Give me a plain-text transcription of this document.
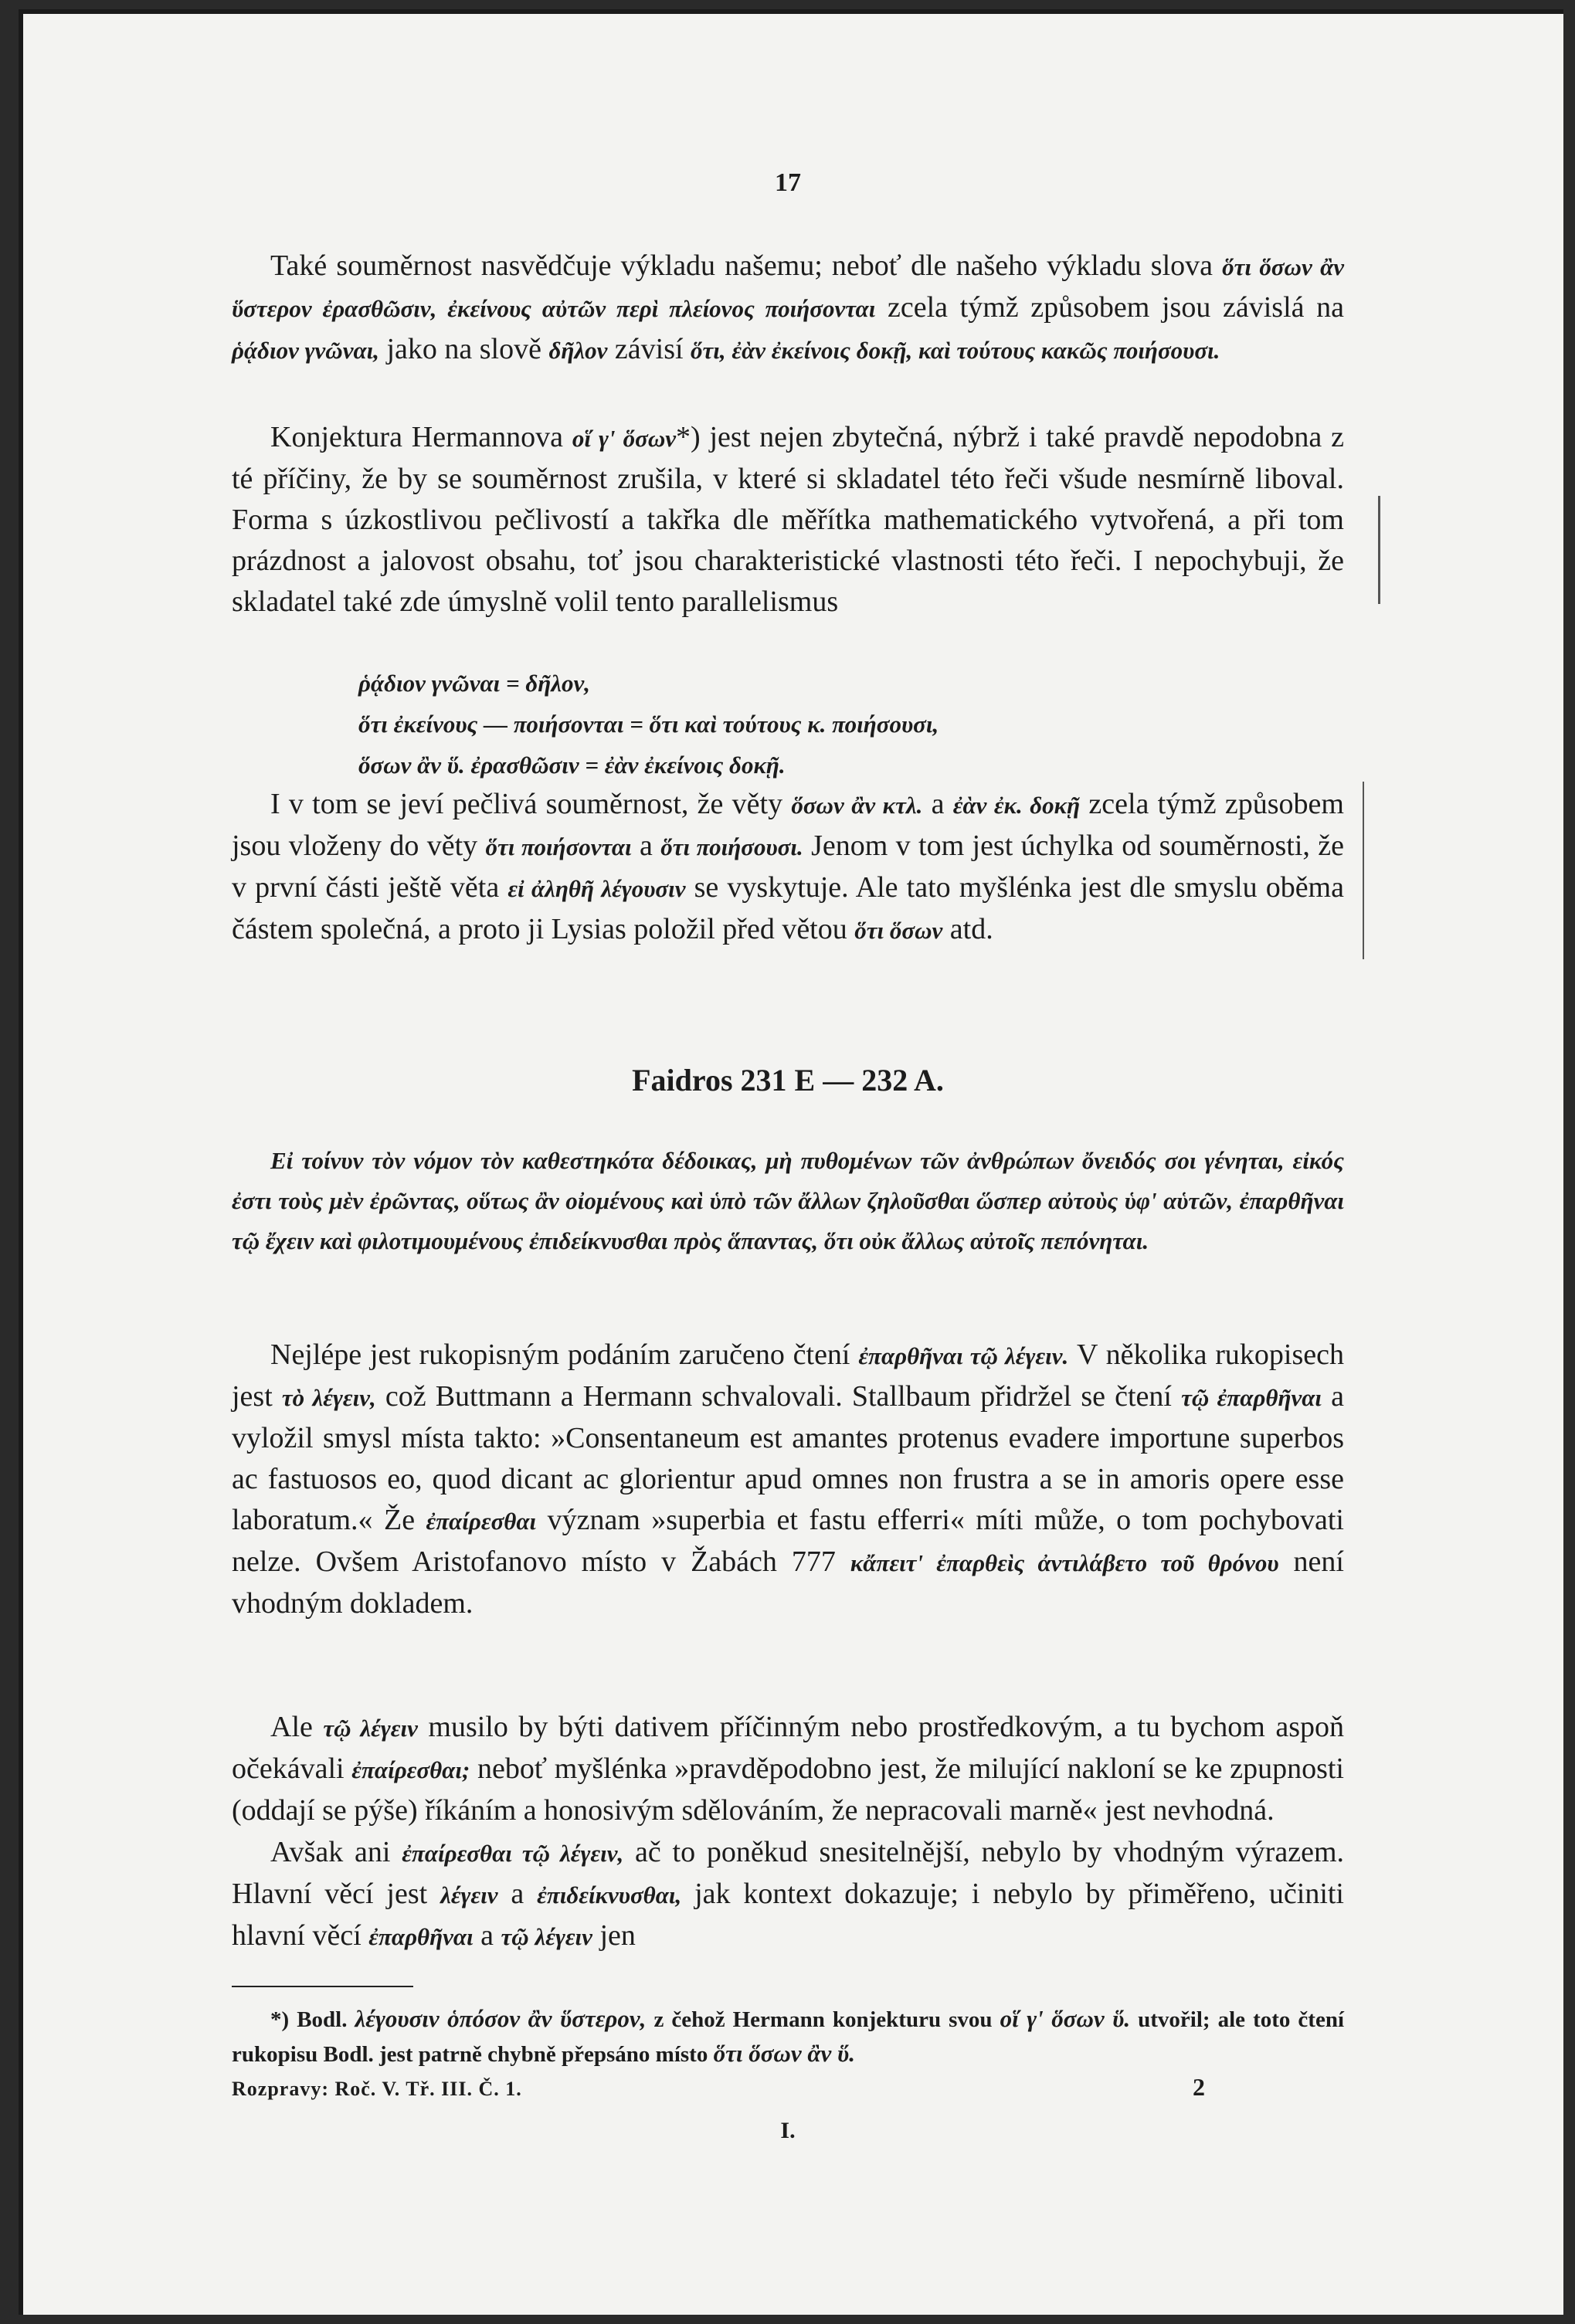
17

Také souměrnost nasvědčuje výkladu našemu; neboť dle našeho výkladu slova ὅτι ὅσων ἂν ὕστερον ἐρασθῶσιν, ἐκείνους αὐτῶν περὶ πλείονος ποιήσονται zcela týmž způsobem jsou závislá na ῥᾴδιον γνῶναι, jako na slově δῆλον závisí ὅτι, ἐὰν ἐκείνοις δοκῇ, καὶ τούτους κακῶς ποιήσουσι.

Konjektura Hermannova οἵ γ' ὅσων*) jest nejen zbytečná, nýbrž i také pravdě nepodobna z té příčiny, že by se souměrnost zrušila, v které si skladatel této řeči všude nesmírně liboval. Forma s úzkostlivou pečlivostí a takřka dle měřítka mathematického vytvořená, a při tom prázdnost a jalovost obsahu, toť jsou charakteristické vlastnosti této řeči. I nepochybuji, že skladatel také zde úmyslně volil tento parallelismus

ῥᾴδιον γνῶναι = δῆλον,
ὅτι ἐκείνους — ποιήσονται = ὅτι καὶ τούτους κ. ποιήσουσι,
ὅσων ἂν ὕ. ἐρασθῶσιν = ἐὰν ἐκείνοις δοκῇ.

I v tom se jeví pečlivá souměrnost, že věty ὅσων ἂν κτλ. a ἐὰν ἐκ. δοκῇ zcela týmž způsobem jsou vloženy do věty ὅτι ποιήσονται a ὅτι ποιήσουσι. Jenom v tom jest úchylka od souměrnosti, že v první části ještě věta εἰ ἀληθῆ λέγουσιν se vyskytuje. Ale tato myšlénka jest dle smyslu oběma částem společná, a proto ji Lysias položil před větou ὅτι ὅσων atd.

Faidros 231 E — 232 A.

Εἰ τοίνυν τὸν νόμον τὸν καθεστηκότα δέδοικας, μὴ πυθομένων τῶν ἀνθρώπων ὄνειδός σοι γένηται, εἰκός ἐστι τοὺς μὲν ἐρῶντας, οὕτως ἂν οἰομένους καὶ ὑπὸ τῶν ἄλλων ζηλοῦσθαι ὥσπερ αὐτοὺς ὑφ' αὑτῶν, ἐπαρθῆναι τῷ ἔχειν καὶ φιλοτιμουμένους ἐπιδείκνυσθαι πρὸς ἅπαντας, ὅτι οὐκ ἄλλως αὐτοῖς πεπόνηται.

Nejlépe jest rukopisným podáním zaručeno čtení ἐπαρθῆναι τῷ λέγειν. V několika rukopisech jest τὸ λέγειν, což Buttmann a Hermann schvalovali. Stallbaum přidržel se čtení τῷ ἐπαρθῆναι a vyložil smysl místa takto: »Consentaneum est amantes protenus evadere importune superbos ac fastuosos eo, quod dicant ac glorientur apud omnes non frustra a se in amoris opere esse laboratum.« Že ἐπαίρεσθαι význam »superbia et fastu efferri« míti může, o tom pochybovati nelze. Ovšem Aristofanovo místo v Žabách 777 κἄπειτ' ἐπαρθεὶς ἀντιλάβετο τοῦ θρόνου není vhodným dokladem.

Ale τῷ λέγειν musilo by býti dativem příčinným nebo prostředkovým, a tu bychom aspoň očekávali ἐπαίρεσθαι; neboť myšlénka »pravděpodobno jest, že milující nakloní se ke zpupnosti (oddají se pýše) říkáním a honosivým sdělováním, že nepracovali marně« jest nevhodná.

Avšak ani ἐπαίρεσθαι τῷ λέγειν, ač to poněkud snesitelnější, nebylo by vhodným výrazem. Hlavní věcí jest λέγειν a ἐπιδείκνυσθαι, jak kontext dokazuje; i nebylo by přiměřeno, učiniti hlavní věcí ἐπαρθῆναι a τῷ λέγειν jen

*) Bodl. λέγουσιν ὁπόσον ἂν ὕστερον, z čehož Hermann konjekturu svou οἵ γ' ὅσων ὕ. utvořil; ale toto čtení rukopisu Bodl. jest patrně chybně přepsáno místo ὅτι ὅσων ἂν ὕ.

Rozpravy: Roč. V. Tř. III. Č. 1.	2
I.
